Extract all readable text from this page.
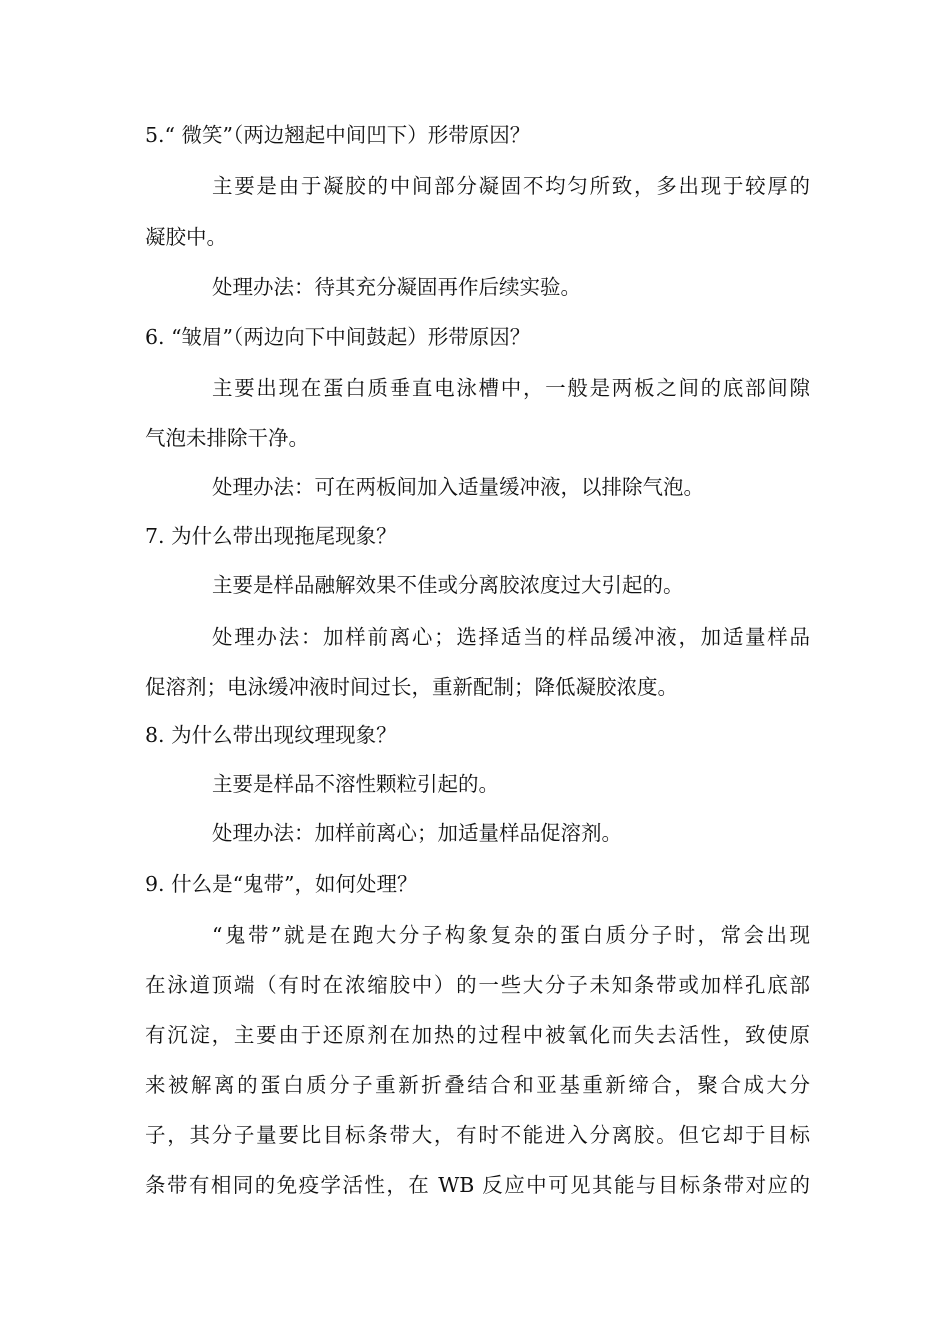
5.“ 微笑”（两边翘起中间凹下）形带原因？
主要是由于凝胶的中间部分凝固不均匀所致，多出现于较厚的
凝胶中。
处理办法：待其充分凝固再作后续实验。
6. “皱眉”（两边向下中间鼓起）形带原因？
主要出现在蛋白质垂直电泳槽中，一般是两板之间的底部间隙
气泡未排除干净。
处理办法：可在两板间加入适量缓冲液，以排除气泡。
7. 为什么带出现拖尾现象？
主要是样品融解效果不佳或分离胶浓度过大引起的。
处理办法：加样前离心；选择适当的样品缓冲液，加适量样品
促溶剂；电泳缓冲液时间过长，重新配制；降低凝胶浓度。
8. 为什么带出现纹理现象？
主要是样品不溶性颗粒引起的。
处理办法：加样前离心；加适量样品促溶剂。
9. 什么是“鬼带”，如何处理？
“鬼带”就是在跑大分子构象复杂的蛋白质分子时，常会出现
在泳道顶端（有时在浓缩胶中）的一些大分子未知条带或加样孔底部
有沉淀，主要由于还原剂在加热的过程中被氧化而失去活性，致使原
来被解离的蛋白质分子重新折叠结合和亚基重新缔合，聚合成大分
子，其分子量要比目标条带大，有时不能进入分离胶。但它却于目标
条带有相同的免疫学活性，在 WB 反应中可见其能与目标条带对应的
